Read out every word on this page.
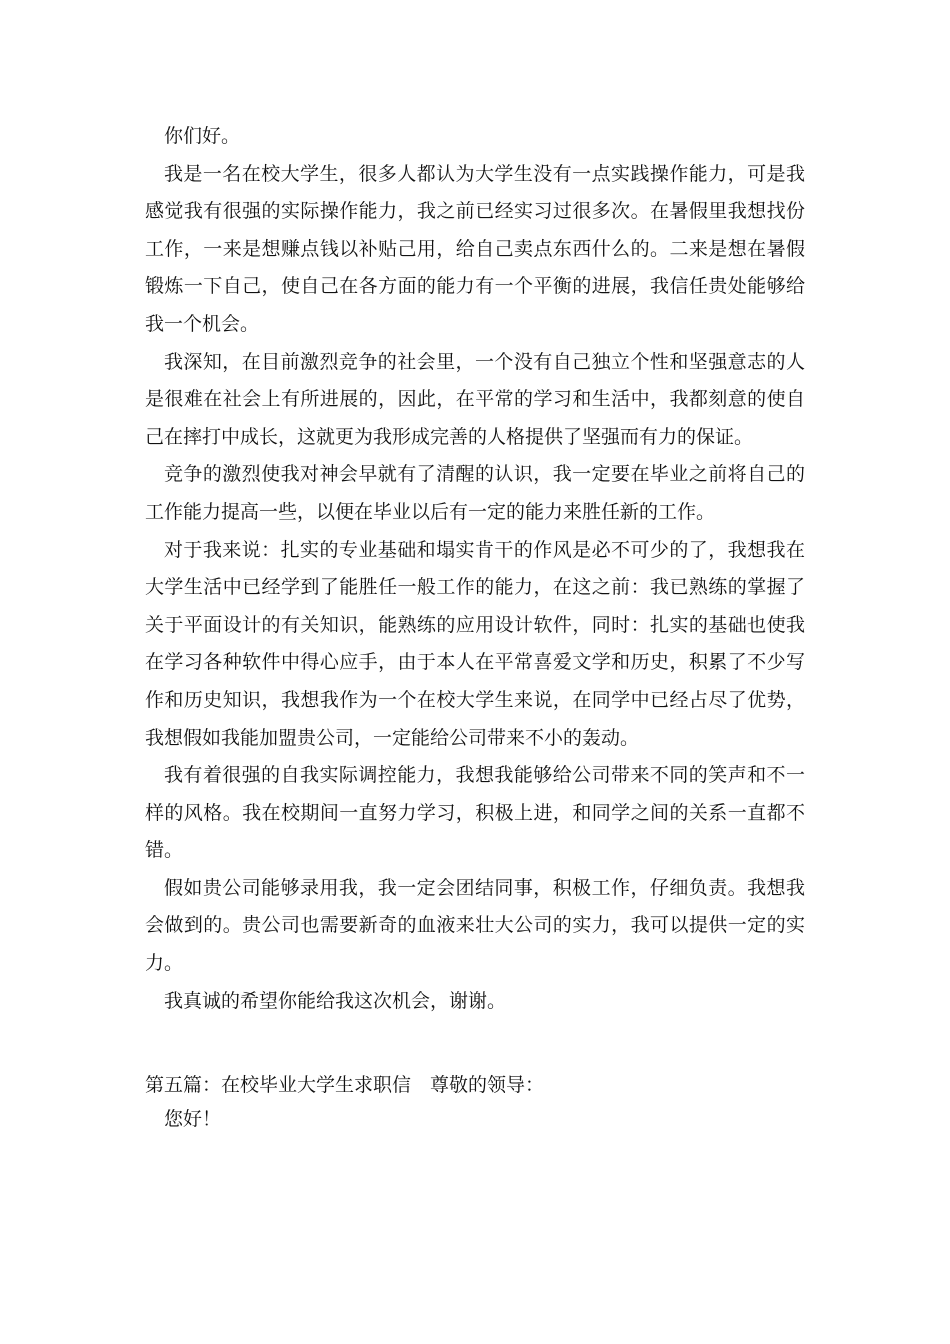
你们好。

我是一名在校大学生，很多人都认为大学生没有一点实践操作能力，可是我感觉我有很强的实际操作能力，我之前已经实习过很多次。在暑假里我想找份工作，一来是想赚点钱以补贴己用，给自己卖点东西什么的。二来是想在暑假锻炼一下自己，使自己在各方面的能力有一个平衡的进展，我信任贵处能够给我一个机会。

我深知，在目前激烈竞争的社会里，一个没有自己独立个性和坚强意志的人是很难在社会上有所进展的，因此，在平常的学习和生活中，我都刻意的使自己在摔打中成长，这就更为我形成完善的人格提供了坚强而有力的保证。

竞争的激烈使我对神会早就有了清醒的认识，我一定要在毕业之前将自己的工作能力提高一些，以便在毕业以后有一定的能力来胜任新的工作。

对于我来说：扎实的专业基础和塌实肯干的作风是必不可少的了，我想我在大学生活中已经学到了能胜任一般工作的能力，在这之前：我已熟练的掌握了关于平面设计的有关知识，能熟练的应用设计软件，同时：扎实的基础也使我在学习各种软件中得心应手，由于本人在平常喜爱文学和历史，积累了不少写作和历史知识，我想我作为一个在校大学生来说，在同学中已经占尽了优势，我想假如我能加盟贵公司，一定能给公司带来不小的轰动。

我有着很强的自我实际调控能力，我想我能够给公司带来不同的笑声和不一样的风格。我在校期间一直努力学习，积极上进，和同学之间的关系一直都不错。

假如贵公司能够录用我，我一定会团结同事，积极工作，仔细负责。我想我会做到的。贵公司也需要新奇的血液来壮大公司的实力，我可以提供一定的实力。

我真诚的希望你能给我这次机会，谢谢。

第五篇：在校毕业大学生求职信 尊敬的领导：

您好！
